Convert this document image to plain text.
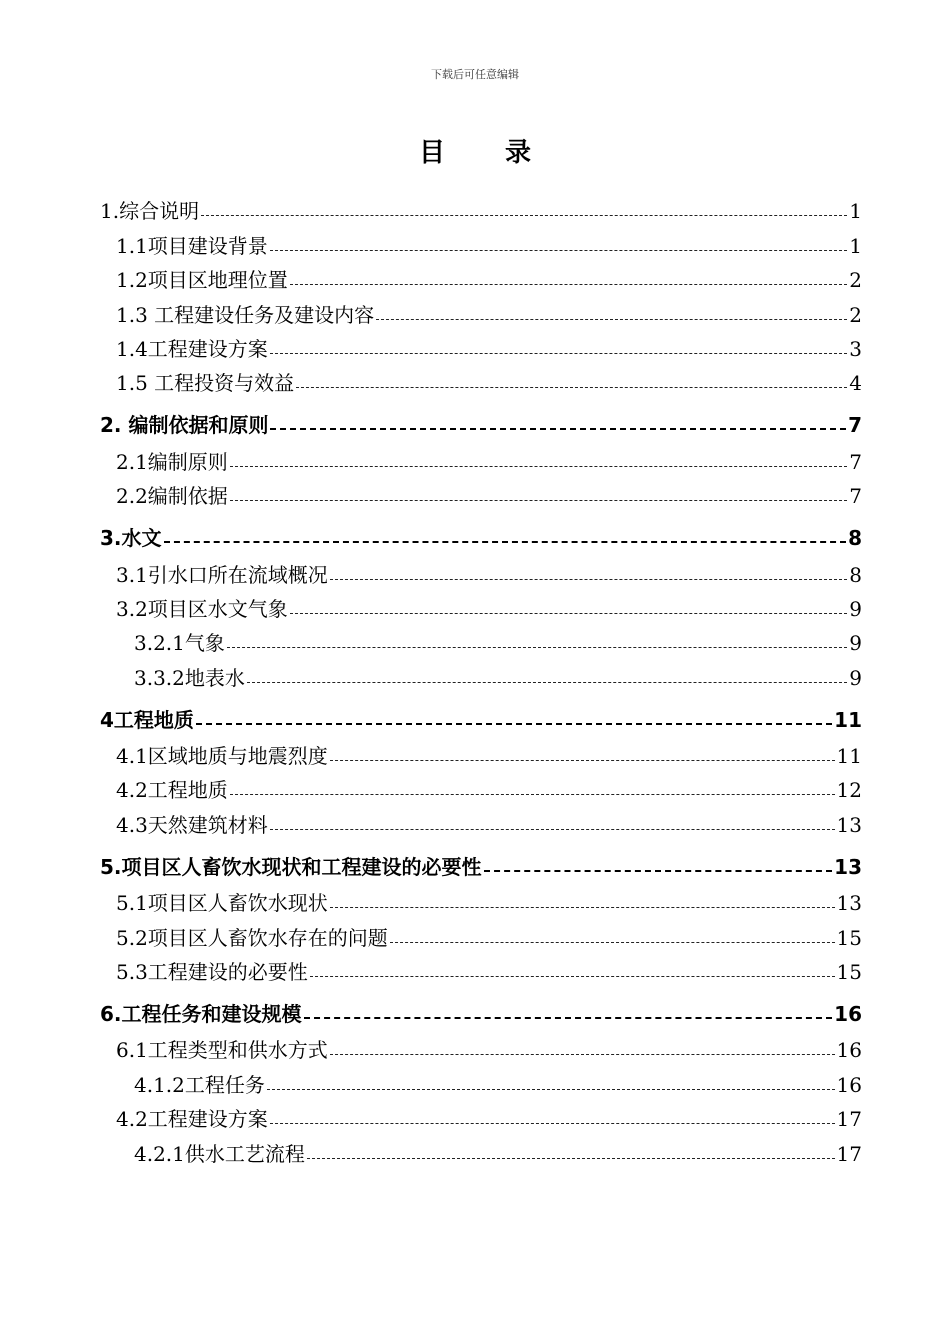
下载后可任意编辑
目录
1.综合说明	1
1.1项目建设背景	1
1.2项目区地理位置	2
1.3 工程建设任务及建设内容	2
1.4工程建设方案	3
1.5 工程投资与效益	4
2. 编制依据和原则	7
2.1编制原则	7
2.2编制依据	7
3.水文	8
3.1引水口所在流域概况	8
3.2项目区水文气象	9
3.2.1气象	9
3.3.2地表水	9
4工程地质	11
4.1区域地质与地震烈度	11
4.2工程地质	12
4.3天然建筑材料	13
5.项目区人畜饮水现状和工程建设的必要性	13
5.1项目区人畜饮水现状	13
5.2项目区人畜饮水存在的问题	15
5.3工程建设的必要性	15
6.工程任务和建设规模	16
6.1工程类型和供水方式	16
4.1.2工程任务	16
4.2工程建设方案	17
4.2.1供水工艺流程	17
